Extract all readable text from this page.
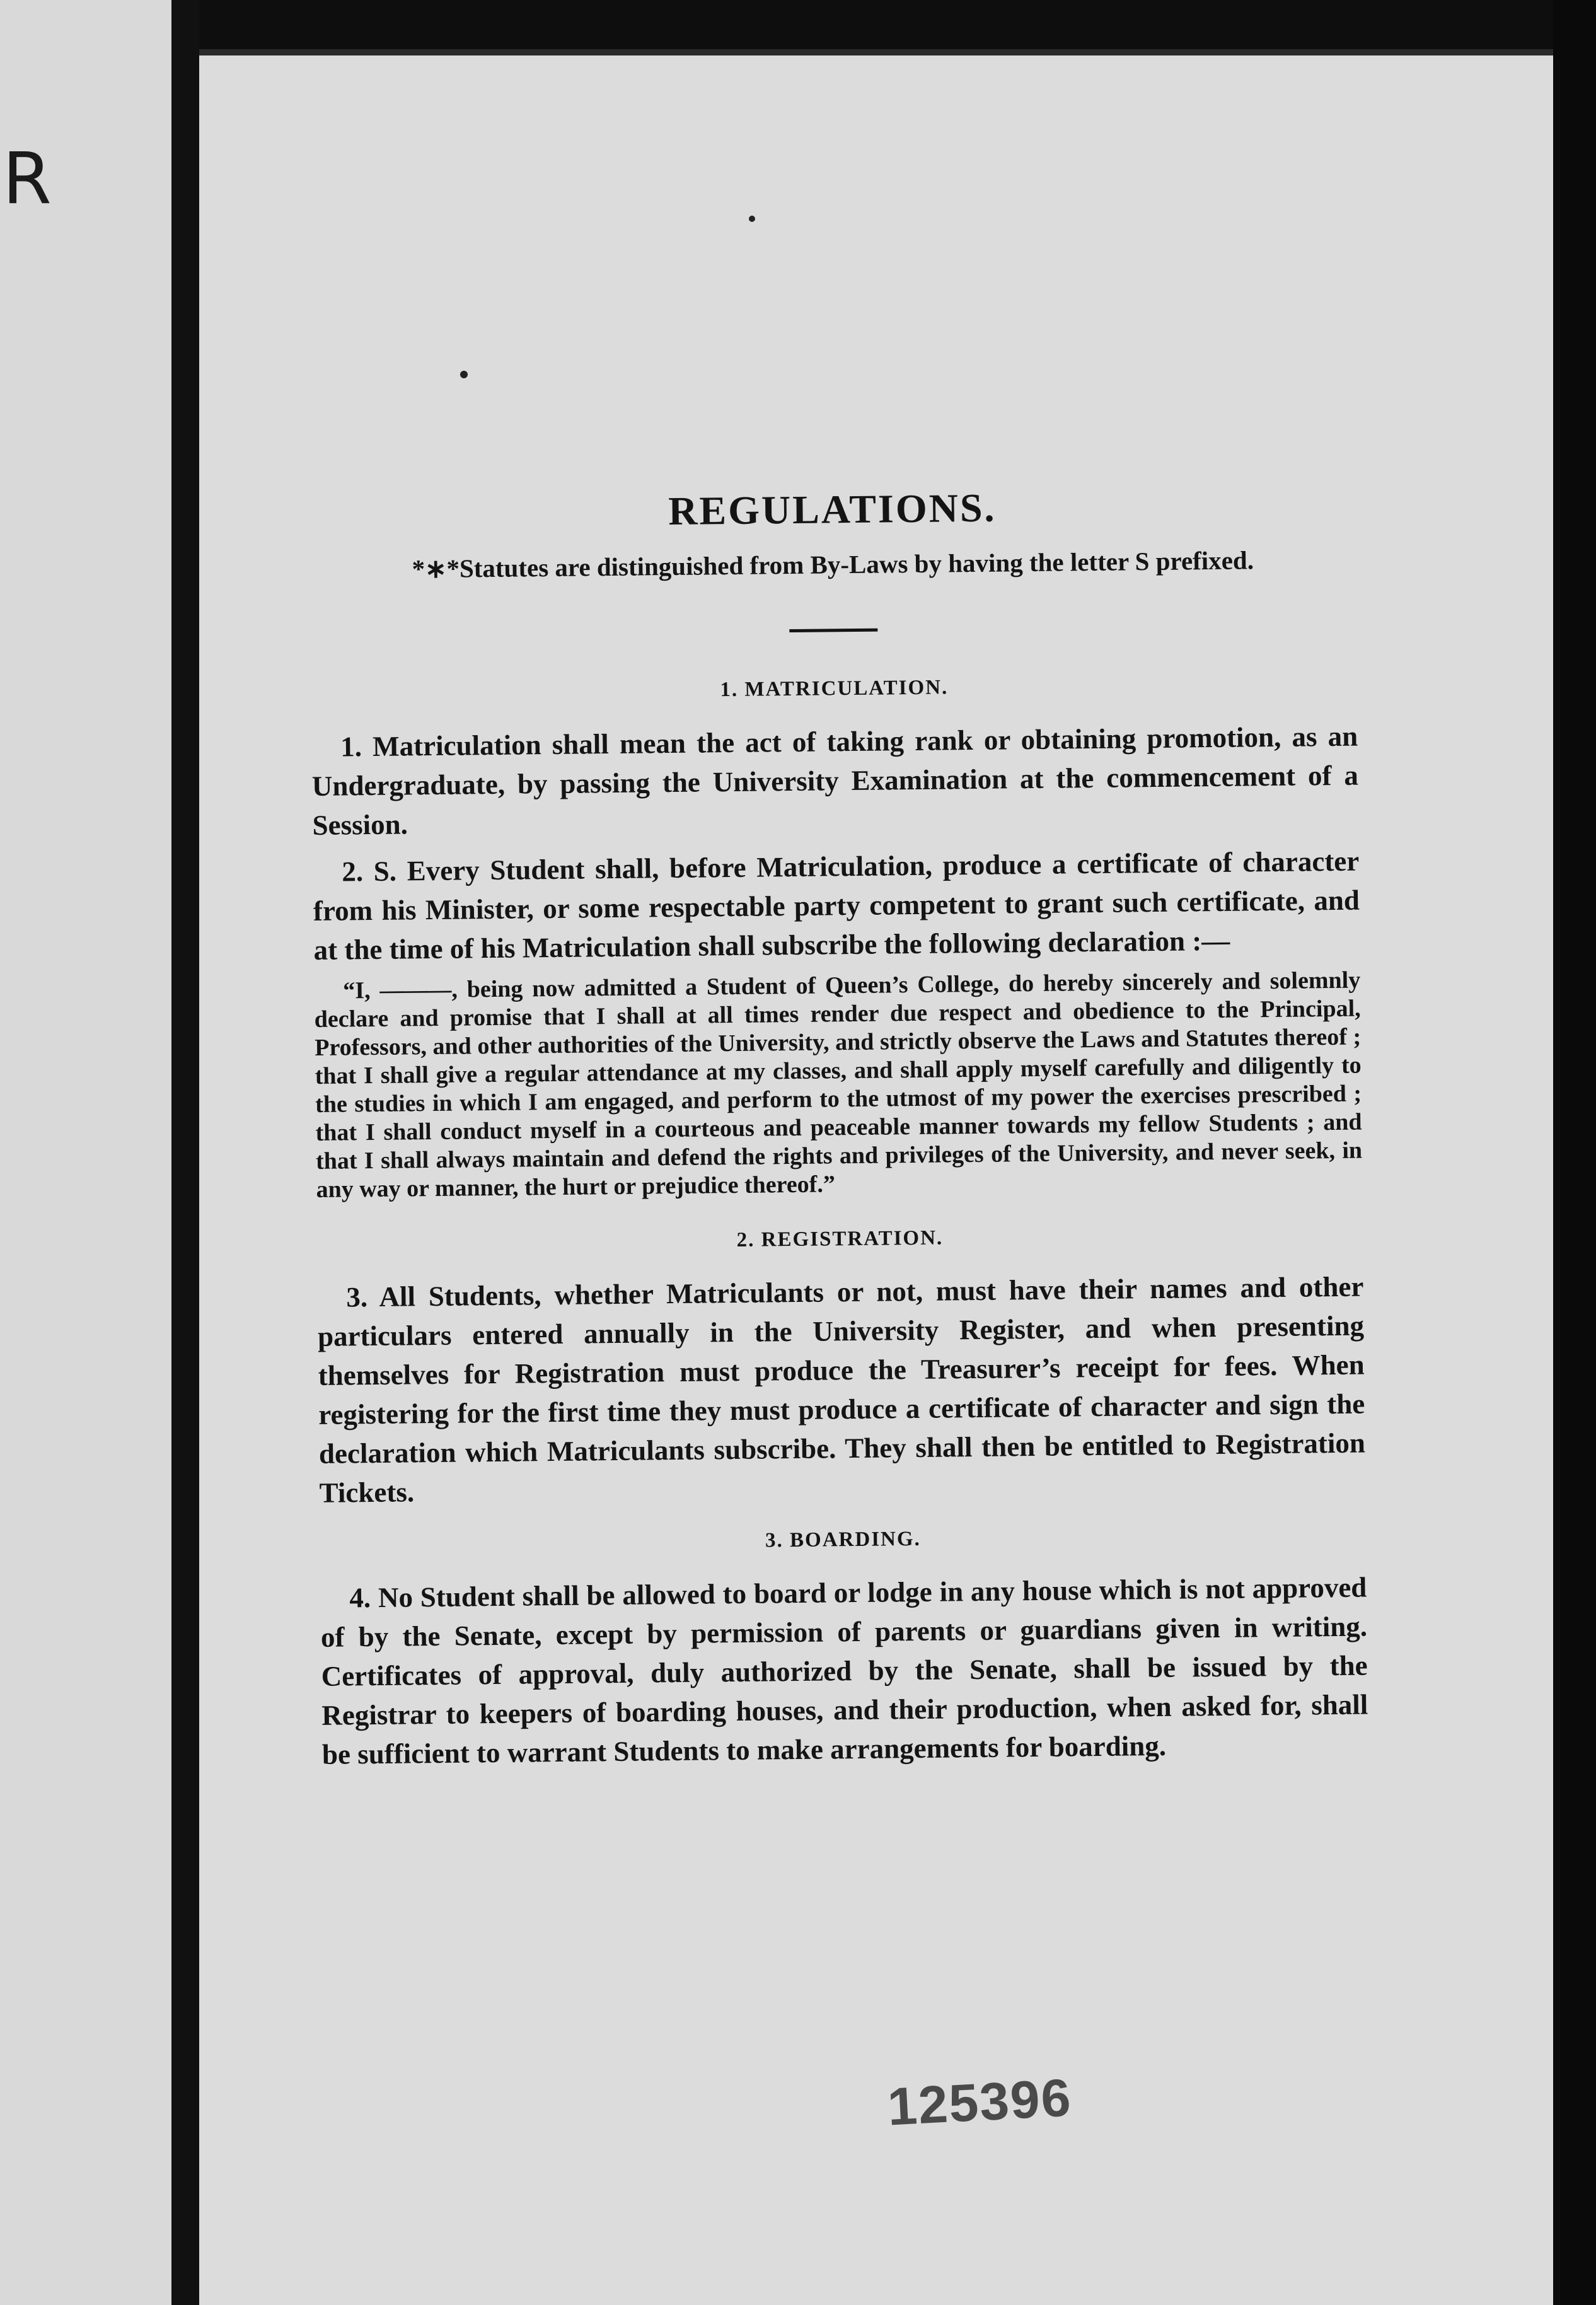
R
REGULATIONS.

*∗*Statutes are distinguished from By-Laws by having the letter S prefixed.

1. MATRICULATION.

1. Matriculation shall mean the act of taking rank or obtaining promotion, as an Undergraduate, by passing the University Examination at the commencement of a Session.

2. S. Every Student shall, before Matriculation, produce a certificate of character from his Minister, or some respectable party competent to grant such certificate, and at the time of his Matriculation shall subscribe the following declaration :—

“I, ———, being now admitted a Student of Queen’s College, do hereby sincerely and solemnly declare and promise that I shall at all times render due respect and obedience to the Principal, Professors, and other authorities of the University, and strictly observe the Laws and Statutes thereof ; that I shall give a regular attendance at my classes, and shall apply myself carefully and diligently to the studies in which I am engaged, and perform to the utmost of my power the exercises prescribed ; that I shall conduct myself in a courteous and peaceable manner towards my fellow Students ; and that I shall always maintain and defend the rights and privileges of the University, and never seek, in any way or manner, the hurt or prejudice thereof.”

2. REGISTRATION.

3. All Students, whether Matriculants or not, must have their names and other particulars entered annually in the University Register, and when presenting themselves for Registration must produce the Treasurer’s receipt for fees. When registering for the first time they must produce a certificate of character and sign the declaration which Matriculants subscribe. They shall then be entitled to Registration Tickets.

3. BOARDING.

4. No Student shall be allowed to board or lodge in any house which is not approved of by the Senate, except by permission of parents or guardians given in writing. Certificates of approval, duly authorized by the Senate, shall be issued by the Registrar to keepers of boarding houses, and their production, when asked for, shall be sufficient to warrant Students to make arrangements for boarding.

125396
